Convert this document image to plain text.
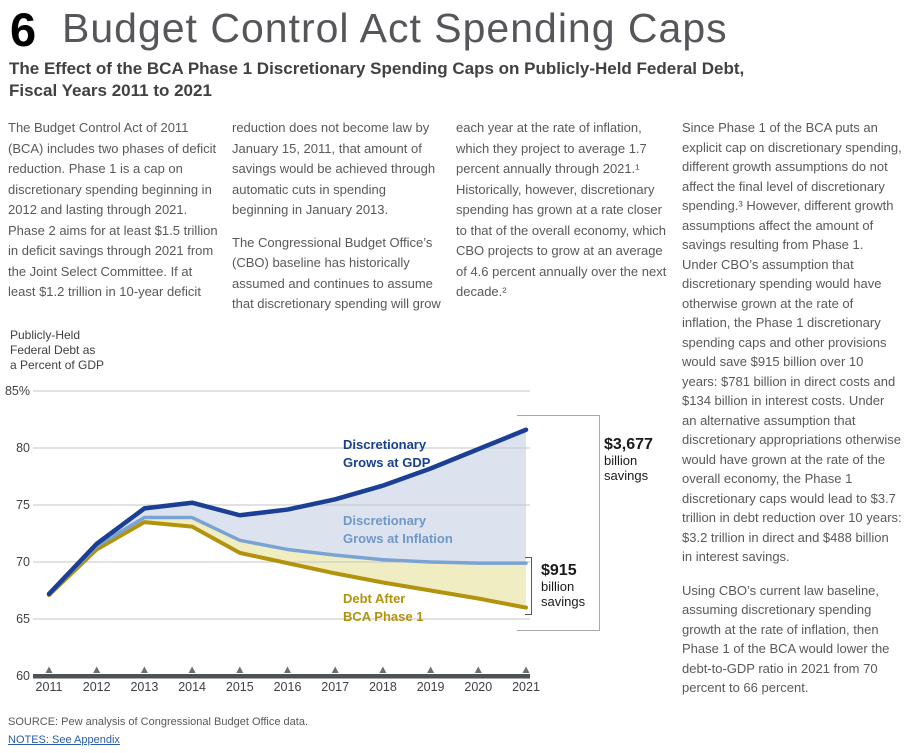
6 Budget Control Act Spending Caps
The Effect of the BCA Phase 1 Discretionary Spending Caps on Publicly-Held Federal Debt, Fiscal Years 2011 to 2021

The Budget Control Act of 2011 (BCA) includes two phases of deficit reduction. Phase 1 is a cap on discretionary spending beginning in 2012 and lasting through 2021. Phase 2 aims for at least $1.5 trillion in deficit savings through 2021 from the Joint Select Committee. If at least $1.2 trillion in 10-year deficit

reduction does not become law by January 15, 2011, that amount of savings would be achieved through automatic cuts in spending beginning in January 2013.

The Congressional Budget Office’s (CBO) baseline has historically assumed and continues to assume that discretionary spending will grow

each year at the rate of inflation, which they project to average 1.7 percent annually through 2021.¹ Historically, however, discretionary spending has grown at a rate closer to that of the overall economy, which CBO projects to grow at an average of 4.6 percent annually over the next decade.²

Since Phase 1 of the BCA puts an explicit cap on discretionary spending, different growth assumptions do not affect the final level of discretionary spending.³ However, different growth assumptions affect the amount of savings resulting from Phase 1. Under CBO’s assumption that discretionary spending would have otherwise grown at the rate of inflation, the Phase 1 discretionary spending caps and other provisions would save $915 billion over 10 years: $781 billion in direct costs and $134 billion in interest costs. Under an alternative assumption that discretionary appropriations otherwise would have grown at the rate of the overall economy, the Phase 1 discretionary caps would lead to $3.7 trillion in debt reduction over 10 years: $3.2 trillion in direct and $488 billion in interest savings.

Using CBO’s current law baseline, assuming discretionary spending growth at the rate of inflation, then Phase 1 of the BCA would lower the debt-to-GDP ratio in 2021 from 70 percent to 66 percent.

Publicly-Held
Federal Debt as
a Percent of GDP
85%
80
75
70
65
60
2011 2012 2013 2014 2015 2016 2017 2018 2019 2020 2021
Discretionary
Grows at GDP
Discretionary
Grows at Inflation
Debt After
BCA Phase 1
$3,677
billion
savings
$915
billion
savings
SOURCE: Pew analysis of Congressional Budget Office data.
NOTES: See Appendix
